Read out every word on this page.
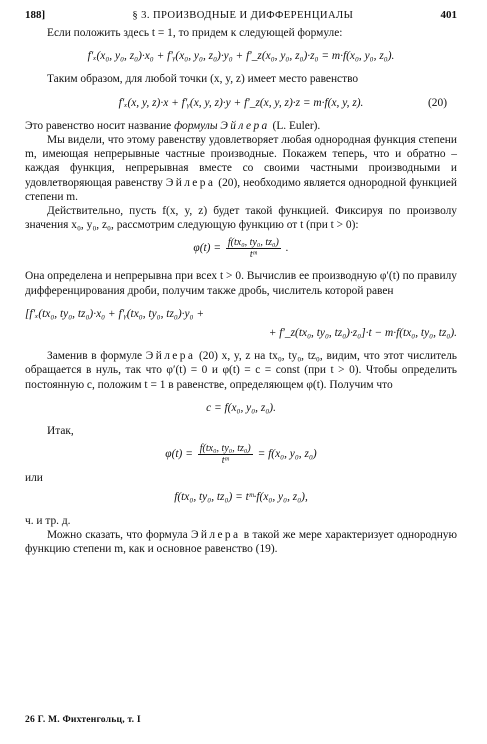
188]	§ 3. ПРОИЗВОДНЫЕ И ДИФФЕРЕНЦИАЛЫ	401

Если положить здесь t = 1, то придем к следующей формуле:

f′ₓ(x₀, y₀, z₀)·x₀ + f′ᵧ(x₀, y₀, z₀)·y₀ + f′_z(x₀, y₀, z₀)·z₀ = m·f(x₀, y₀, z₀).

Таким образом, для любой точки (x, y, z) имеет место равенство

f′ₓ(x, y, z)·x + f′ᵧ(x, y, z)·y + f′_z(x, y, z)·z = m·f(x, y, z).	(20)

Это равенство носит название формулы Эйлера (L. Euler).

Мы видели, что этому равенству удовлетворяет любая однородная функция степени m, имеющая непрерывные частные производные. Покажем теперь, что и обратно – каждая функция, непрерывная вместе со своими частными производными и удовлетворяющая равенству Эйлера (20), необходимо является однородной функцией степени m.

Действительно, пусть f(x, y, z) будет такой функцией. Фиксируя по произволу значения x₀, y₀, z₀, рассмотрим следующую функцию от t (при t > 0):

$\varphi(t) = \frac{\text{f(tx₀, ty₀, tz₀)}}{\text{tᵐ}}$ .

Она определена и непрерывна при всех t > 0. Вычислив ее производную φ′(t) по правилу дифференцирования дроби, получим также дробь, числитель которой равен

[f′ₓ(tx₀, ty₀, tz₀)·x₀ + f′ᵧ(tx₀, ty₀, tz₀)·y₀ +
+ f′_z(tx₀, ty₀, tz₀)·z₀]·t − m·f(tx₀, ty₀, tz₀).

Заменив в формуле Эйлера (20) x, y, z на tx₀, ty₀, tz₀, видим, что этот числитель обращается в нуль, так что φ′(t) = 0 и φ(t) = c = const (при t > 0). Чтобы определить постоянную c, положим t = 1 в равенстве, определяющем φ(t). Получим что

c = f(x₀, y₀, z₀).

Итак,

$\varphi(t) = \frac{\text{f(tx₀, ty₀, tz₀)}}{\text{tᵐ}} = f(x_0$, y₀, z₀)

или

f(tx₀, ty₀, tz₀) = tᵐ·f(x₀, y₀, z₀),

ч. и тр. д.

Можно сказать, что формула Эйлера в такой же мере характеризует однородную функцию степени m, как и основное равенство (19).

26 Г. М. Фихтенгольц, т. I
